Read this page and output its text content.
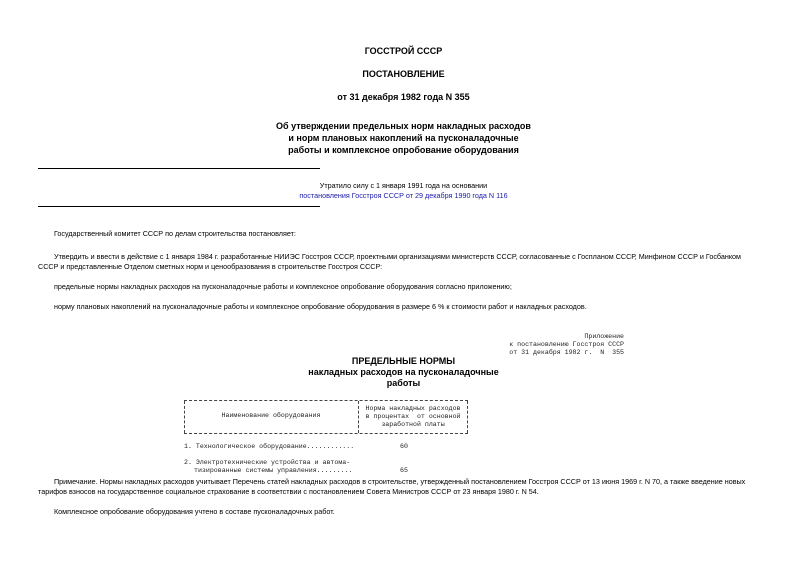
ГОССТРОЙ СССР
ПОСТАНОВЛЕНИЕ
от 31 декабря 1982 года N 355
Об утверждении предельных норм накладных расходов
и норм плановых накоплений на пусконаладочные
работы и комплексное опробование оборудования
Утратило силу с 1 января 1991 года на основании
постановления Госстроя СССР от 29 декабря 1990 года N 116
Государственный комитет СССР по делам строительства постановляет:
Утвердить и ввести в действие с 1 января 1984 г. разработанные НИИЭС Госстроя СССР, проектными организациями министерств СССР, согласованные с Госпланом СССР, Минфином СССР и Госбанком
СССР и представленные Отделом сметных норм и ценообразования в строительстве Госстроя СССР:
предельные нормы накладных расходов на пусконаладочные работы и комплексное опробование оборудования согласно приложению;
норму плановых накоплений на пусконаладочные работы и комплексное опробование оборудования в размере 6 % к стоимости работ и накладных расходов.
Приложение
к постановлению Госстроя СССР
от 31 декабря 1982 г.  N  355
ПРЕДЕЛЬНЫЕ НОРМЫ
накладных расходов на пусконаладочные
работы
Наименование оборудования
Норма накладных расходов
в процентах  от основной
заработной платы
1. Технологическое оборудование............	60
2. Электротехнические устройства и автома-
тизированные системы управления.........	65
Примечание. Нормы накладных расходов учитывает Перечень статей накладных расходов в строительстве, утвержденный постановлением Госстроя СССР от 13 июня 1969 г. N 70, а также введение новых
тарифов взносов на государственное социальное страхование в соответствии с постановлением Совета Министров СССР от 23 января 1980 г. N 54.
Комплексное опробование оборудования учтено в составе пусконаладочных работ.
